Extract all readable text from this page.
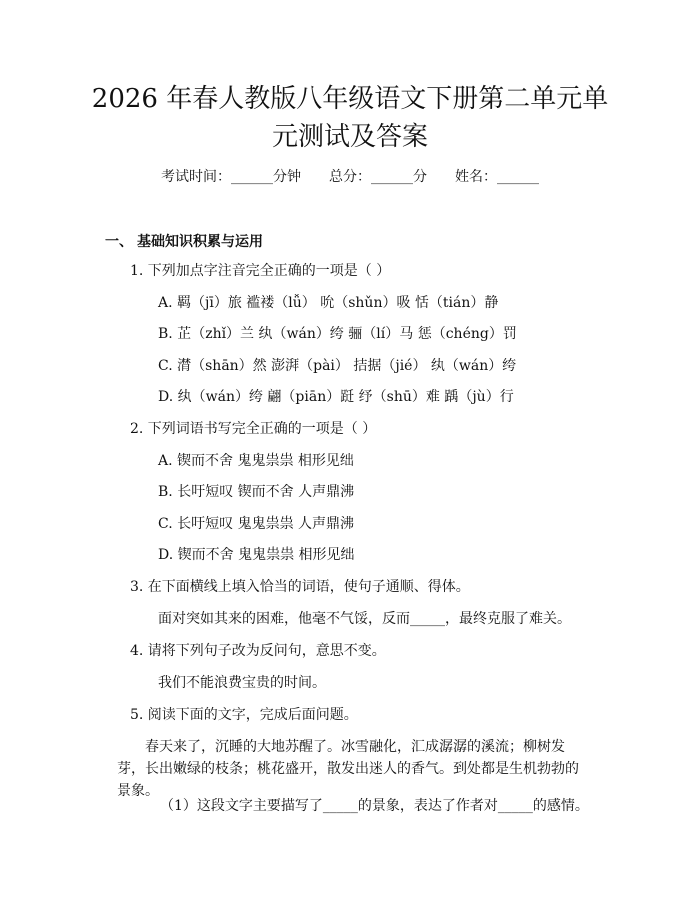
2026 年春人教版八年级语文下册第二单元单
元测试及答案
考试时间：______分钟 总分：______分 姓名：______
一、 基础知识积累与运用
1. 下列加点字注音完全正确的一项是（ ）
A. 羁（jī）旅 褴褛（lǚ） 吮（shǔn）吸 恬（tián）静
B. 芷（zhǐ）兰 纨（wán）绔 骊（lí）马 惩（chéng）罚
C. 潸（shān）然 澎湃（pài） 拮据（jié） 纨（wán）绔
D. 纨（wán）绔 翩（piān）跹 纾（shū）难 踽（jù）行
2. 下列词语书写完全正确的一项是（ ）
A. 锲而不舍 鬼鬼祟祟 相形见绌
B. 长吁短叹 锲而不舍 人声鼎沸
C. 长吁短叹 鬼鬼祟祟 人声鼎沸
D. 锲而不舍 鬼鬼祟祟 相形见绌
3. 在下面横线上填入恰当的词语，使句子通顺、得体。
面对突如其来的困难，他毫不气馁，反而_____，最终克服了难关。
4. 请将下列句子改为反问句，意思不变。
我们不能浪费宝贵的时间。
5. 阅读下面的文字，完成后面问题。
春天来了，沉睡的大地苏醒了。冰雪融化，汇成潺潺的溪流；柳树发芽，长出嫩绿的枝条；桃花盛开，散发出迷人的香气。到处都是生机勃勃的景象。
（1）这段文字主要描写了_____的景象，表达了作者对_____的感情。
